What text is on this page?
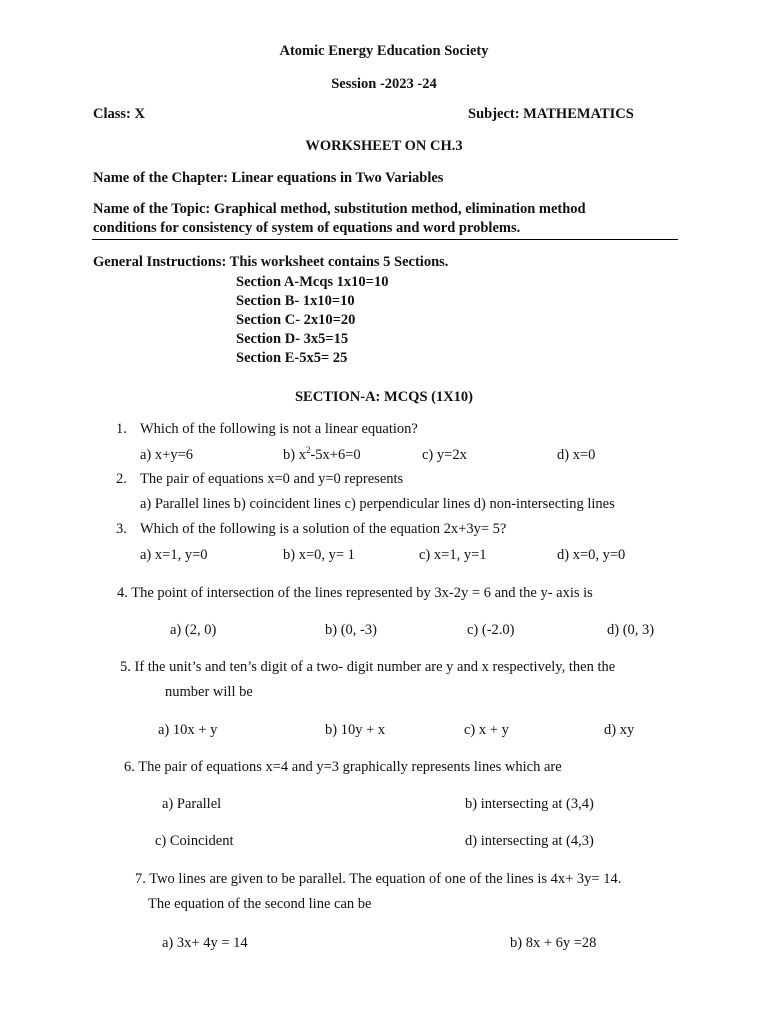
Atomic Energy Education Society
Session -2023 -24
Class: X	Subject: MATHEMATICS
WORKSHEET ON CH.3
Name of the Chapter: Linear equations in Two Variables
Name of the Topic: Graphical method, substitution method, elimination method
conditions for consistency of system of equations and word problems.
General Instructions: This worksheet contains 5 Sections.
Section A-Mcqs 1x10=10
Section B- 1x10=10
Section C- 2x10=20
Section D- 3x5=15
Section E-5x5= 25
SECTION-A: MCQS (1X10)
1. Which of the following is not a linear equation?
a) x+y=6	b) $x^2-5x+6=0$	c) y=2x	d) x=0
2. The pair of equations x=0 and y=0 represents
a) Parallel lines b) coincident lines c) perpendicular lines d) non-intersecting lines
3. Which of the following is a solution of the equation 2x+3y= 5?
a) x=1, y=0	b) x=0, y= 1	c) x=1, y=1	d) x=0, y=0
4. The point of intersection of the lines represented by 3x-2y = 6 and the y- axis is
a) (2, 0)	b) (0, -3)	c) (-2.0)	d) (0, 3)
5. If the unit’s and ten’s digit of a two- digit number are y and x respectively, then the
number will be
a) 10x + y	b) 10y + x	c) x + y	d) xy
6. The pair of equations x=4 and y=3 graphically represents lines which are
a) Parallel	b) intersecting at (3,4)
c) Coincident	d) intersecting at (4,3)
7. Two lines are given to be parallel. The equation of one of the lines is 4x+ 3y= 14.
The equation of the second line can be
a) 3x+ 4y = 14	b) 8x + 6y =28
